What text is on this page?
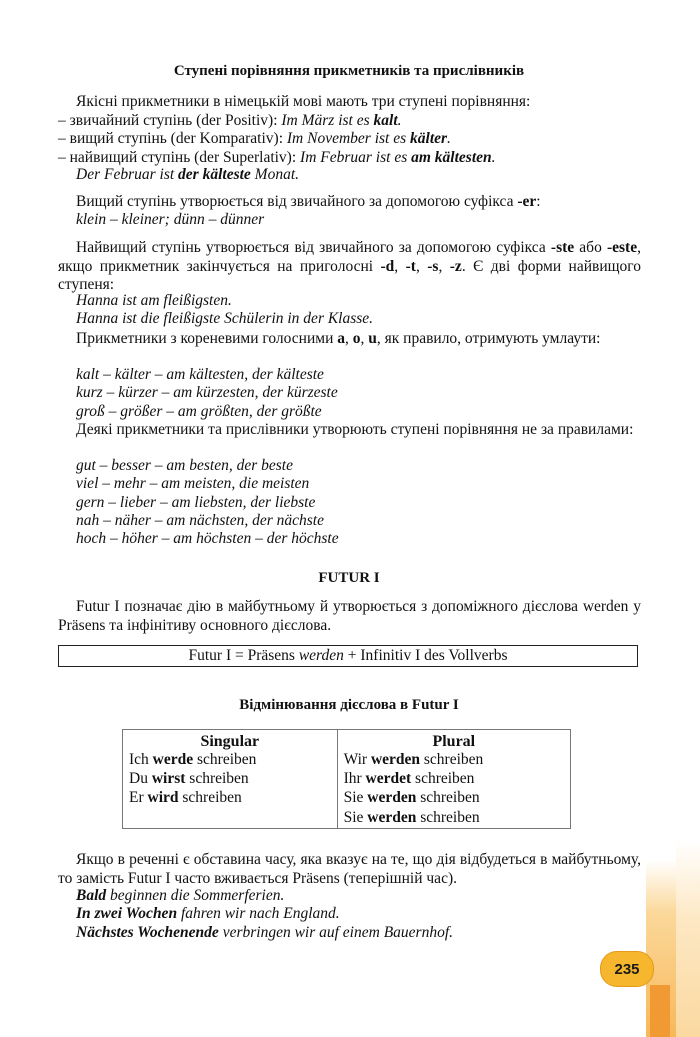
Ступені порівняння прикметників та прислівників

Якісні прикметники в німецькій мові мають три ступені порівняння:
– звичайний ступінь (der Positiv): Im März ist es kalt.
– вищий ступінь (der Komparativ): Im November ist es kälter.
– найвищий ступінь (der Superlativ): Im Februar ist es am kältesten.

Der Februar ist der kälteste Monat.

Вищий ступінь утворюється від звичайного за допомогою суфікса -er:

klein – kleiner; dünn – dünner

Найвищий ступінь утворюється від звичайного за допомогою суфікса -ste або -este, якщо прикметник закінчується на приголосні -d, -t, -s, -z. Є дві форми найвищого ступеня:

Hanna ist am fleißigsten.
Hanna ist die fleißigste Schülerin in der Klasse.

Прикметники з кореневими голосними а, о, u, як правило, отримують умлаути:

kalt – kälter – am kältesten, der kälteste
kurz – kürzer – am kürzesten, der kürzeste
groß – größer – am größten, der größte

Деякі прикметники та прислівники утворюють ступені порівняння не за правилами:

gut – besser – am besten, der beste
viel – mehr – am meisten, die meisten
gern – lieber – am liebsten, der liebste
nah – näher – am nächsten, der nächste
hoch – höher – am höchsten – der höchste
FUTUR I

Futur I позначає дію в майбутньому й утворюється з допоміжного дієслова werden у Präsens та інфінітиву основного дієслова.

Futur I = Präsens werden + Infinitiv I des Vollverbs
Відмінювання дієслова в Futur I
Singular	Plural
Ich werde schreiben	Wir werden schreiben
Du wirst schreiben	Ihr werdet schreiben
Er wird schreiben	Sie werden schreiben
	Sie werden schreiben

Якщо в реченні є обставина часу, яка вказує на те, що дія відбудеться в майбутньому, то замість Futur I часто вживається Präsens (теперішній час).

Bald beginnen die Sommerferien.
In zwei Wochen fahren wir nach England.
Nächstes Wochenende verbringen wir auf einem Bauernhof.
235
